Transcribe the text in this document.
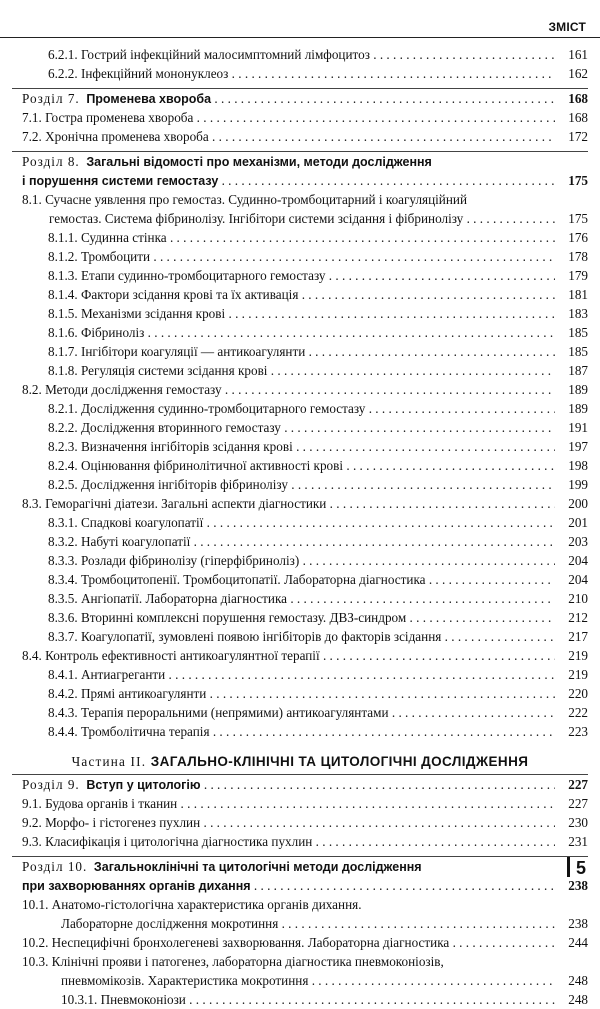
ЗМІСТ
6.2.1. Гострий інфекційний малосимптомний лімфоцитоз . . .	161
6.2.2. Інфекційний мононуклеоз . . .	162
Розділ 7. Променева хвороба . . .	168
7.1. Гостра променева хвороба . . .	168
7.2. Хронічна променева хвороба . . .	172
Розділ 8. Загальні відомості про механізми, методи дослідження
і порушення системи гемостазу . . .	175
8.1. Сучасне уявлення про гемостаз. Судинно-тромбоцитарний і коагуляційний
гемостаз. Система фібринолізу. Інгібітори системи зсідання і фібринолізу . . .	175
8.1.1. Судинна стінка . . .	176
8.1.2. Тромбоцити . . .	178
8.1.3. Етапи судинно-тромбоцитарного гемостазу . . .	179
8.1.4. Фактори зсідання крові та їх активація . . .	181
8.1.5. Механізми зсідання крові . . .	183
8.1.6. Фібриноліз . . .	185
8.1.7. Інгібітори коагуляції — антикоагулянти . . .	185
8.1.8. Регуляція системи зсідання крові . . .	187
8.2. Методи дослідження гемостазу . . .	189
8.2.1. Дослідження судинно-тромбоцитарного гемостазу . . .	189
8.2.2. Дослідження вторинного гемостазу . . .	191
8.2.3. Визначення інгібіторів зсідання крові . . .	197
8.2.4. Оцінювання фібринолітичної активності крові . . .	198
8.2.5. Дослідження інгібіторів фібринолізу . . .	199
8.3. Геморагічні діатези. Загальні аспекти діагностики . . .	200
8.3.1. Спадкові коагулопатії . . .	201
8.3.2. Набуті коагулопатії . . .	203
8.3.3. Розлади фібринолізу (гіперфібриноліз) . . .	204
8.3.4. Тромбоцитопенії. Тромбоцитопатії. Лабораторна діагностика . . .	204
8.3.5. Ангіопатії. Лабораторна діагностика . . .	210
8.3.6. Вторинні комплексні порушення гемостазу. ДВЗ-синдром . . .	212
8.3.7. Коагулопатії, зумовлені появою інгібіторів до факторів зсідання . . .	217
8.4. Контроль ефективності антикоагулянтної терапії . . .	219
8.4.1. Антиагреганти . . .	219
8.4.2. Прямі антикоагулянти . . .	220
8.4.3. Терапія пероральними (непрямими) антикоагулянтами . . .	222
8.4.4. Тромболітична терапія . . .	223
Частина II. ЗАГАЛЬНО-КЛІНІЧНІ ТА ЦИТОЛОГІЧНІ ДОСЛІДЖЕННЯ
Розділ 9. Вступ у цитологію . . .	227
9.1. Будова органів і тканин . . .	227
9.2. Морфо- і гістогенез пухлин . . .	230
9.3. Класифікація і цитологічна діагностика пухлин . . .	231
Розділ 10. Загальноклінічні та цитологічні методи дослідження
при захворюваннях органів дихання . . .	238
10.1. Анатомо-гістологічна характеристика органів дихання.
Лабораторне дослідження мокротиння . . .	238
10.2. Неспецифічні бронхолегеневі захворювання. Лабораторна діагностика . . .	244
10.3. Клінічні прояви і патогенез, лабораторна діагностика пневмоконіозів,
пневмомікозів. Характеристика мокротиння . . .	248
10.3.1. Пневмоконіози . . .	248
5
